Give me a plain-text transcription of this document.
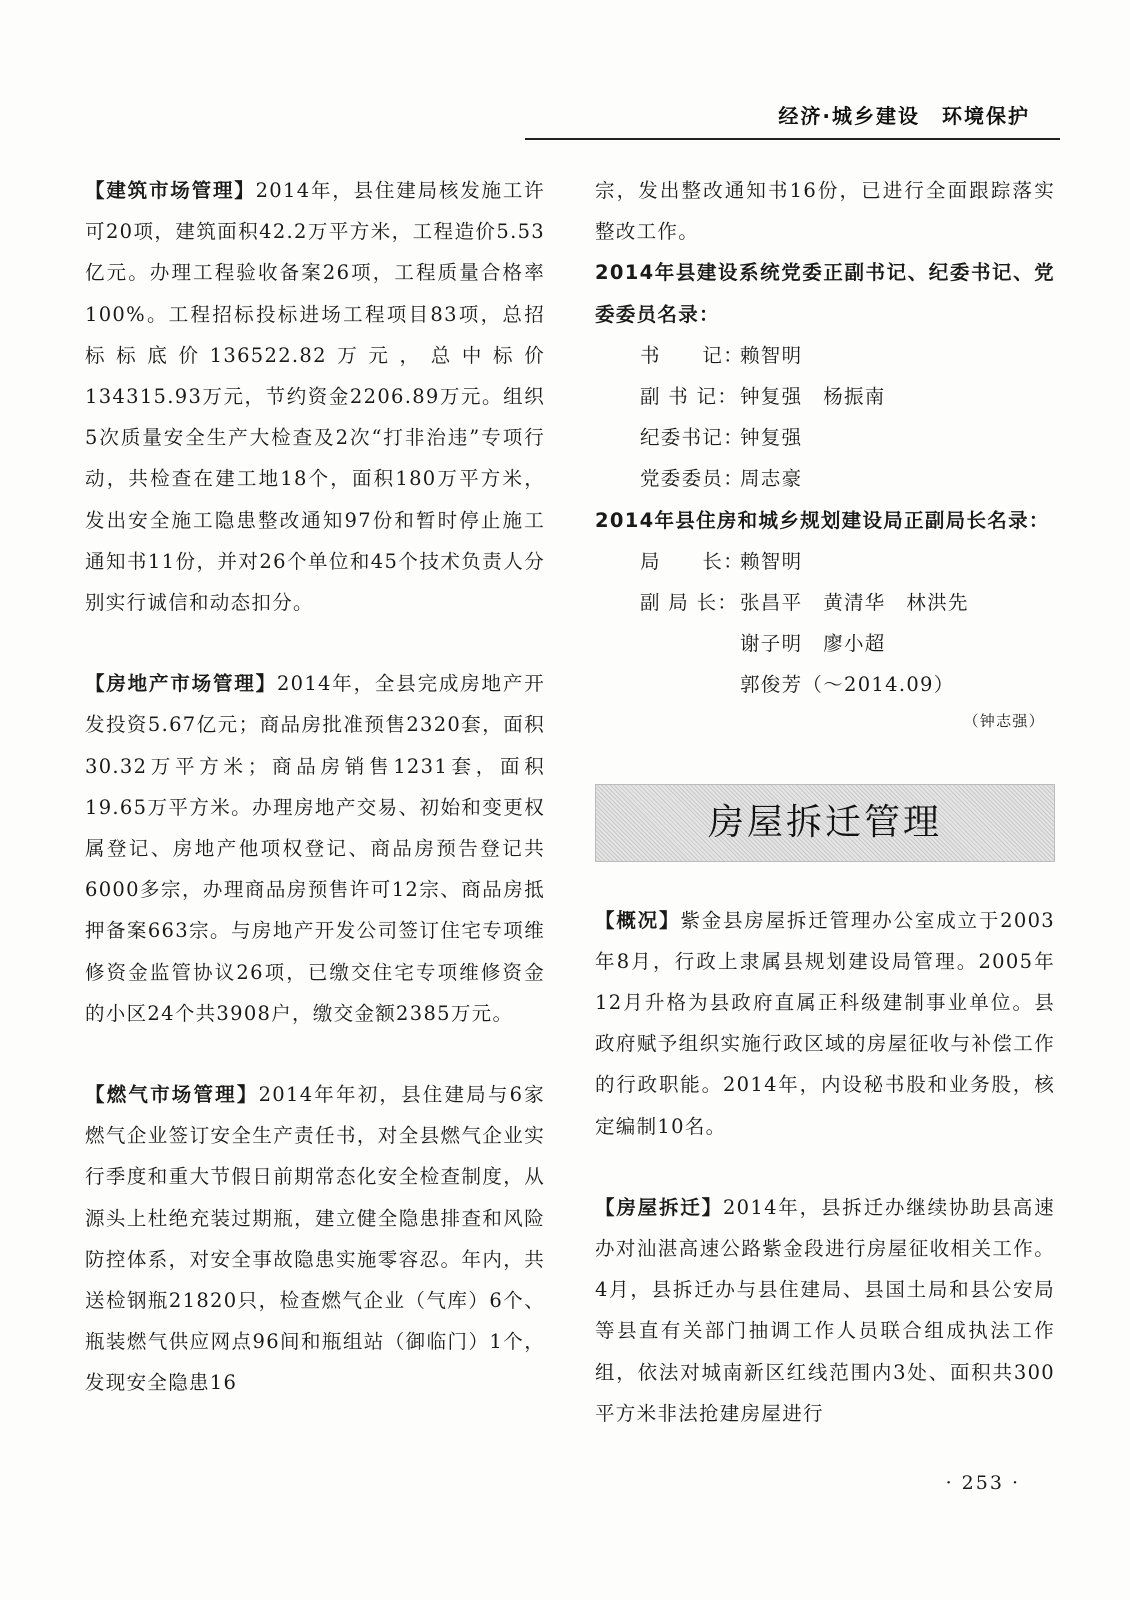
经济·城乡建设　环境保护

【建筑市场管理】2014年，县住建局核发施工许可20项，建筑面积42.2万平方米，工程造价5.53亿元。办理工程验收备案26项，工程质量合格率100%。工程招标投标进场工程项目83项，总招标标底价136522.82万元，总中标价134315.93万元，节约资金2206.89万元。组织5次质量安全生产大检查及2次“打非治违”专项行动，共检查在建工地18个，面积180万平方米，发出安全施工隐患整改通知97份和暂时停止施工通知书11份，并对26个单位和45个技术负责人分别实行诚信和动态扣分。

【房地产市场管理】2014年，全县完成房地产开发投资5.67亿元；商品房批准预售2320套，面积30.32万平方米；商品房销售1231套，面积19.65万平方米。办理房地产交易、初始和变更权属登记、房地产他项权登记、商品房预告登记共6000多宗，办理商品房预售许可12宗、商品房抵押备案663宗。与房地产开发公司签订住宅专项维修资金监管协议26项，已缴交住宅专项维修资金的小区24个共3908户，缴交金额2385万元。

【燃气市场管理】2014年年初，县住建局与6家燃气企业签订安全生产责任书，对全县燃气企业实行季度和重大节假日前期常态化安全检查制度，从源头上杜绝充装过期瓶，建立健全隐患排查和风险防控体系，对安全事故隐患实施零容忍。年内，共送检钢瓶21820只，检查燃气企业（气库）6个、瓶装燃气供应网点96间和瓶组站（御临门）1个，发现安全隐患16

宗，发出整改通知书16份，已进行全面跟踪落实整改工作。

2014年县建设系统党委正副书记、纪委书记、党委委员名录：

书　　记：
赖智明
副 书 记： 钟复强　杨振南
纪委书记：
钟复强
党委委员：
周志豪

2014年县住房和城乡规划建设局正副局长名录：

局　　长：
赖智明
副 局 长： 张昌平　黄清华　林洪先
谢子明　廖小超
郭俊芳（～2014.09）

（钟志强）

房屋拆迁管理

【概况】紫金县房屋拆迁管理办公室成立于2003年8月，行政上隶属县规划建设局管理。2005年12月升格为县政府直属正科级建制事业单位。县政府赋予组织实施行政区域的房屋征收与补偿工作的行政职能。2014年，内设秘书股和业务股，核定编制10名。

【房屋拆迁】2014年，县拆迁办继续协助县高速办对汕湛高速公路紫金段进行房屋征收相关工作。4月，县拆迁办与县住建局、县国土局和县公安局等县直有关部门抽调工作人员联合组成执法工作组，依法对城南新区红线范围内3处、面积共300平方米非法抢建房屋进行

· 253 ·
